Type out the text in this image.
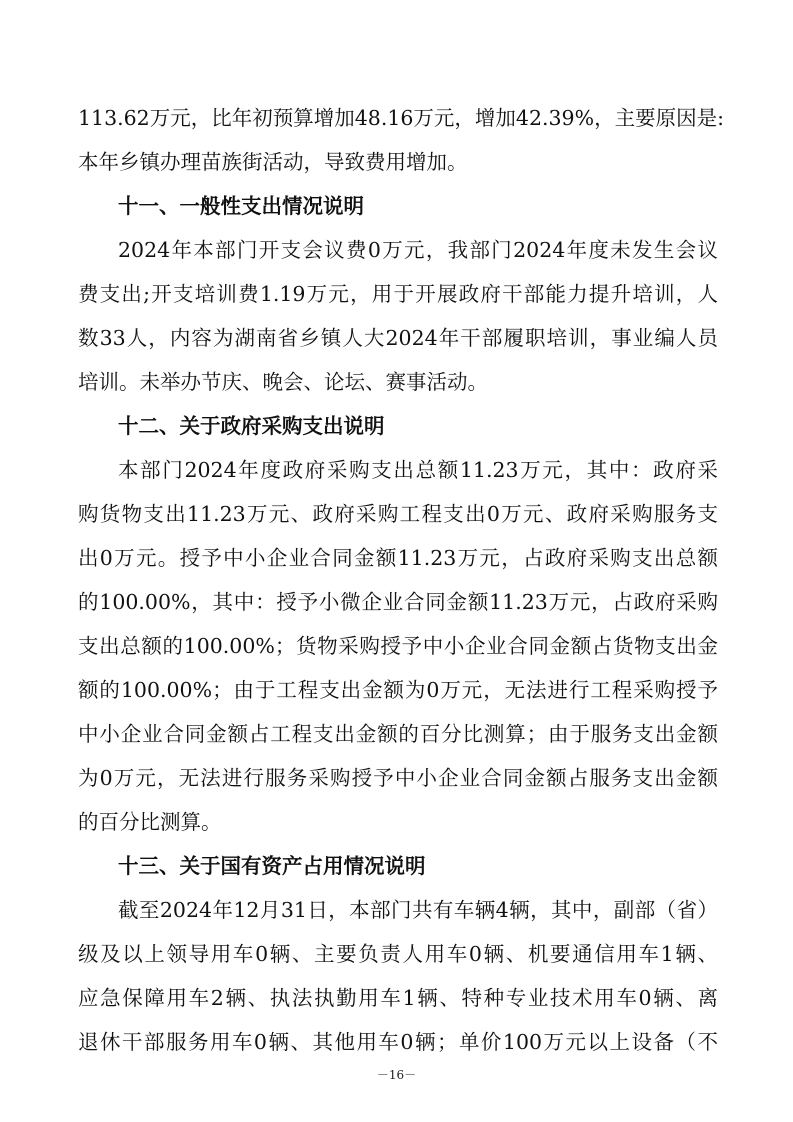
113.62万元，比年初预算增加48.16万元，增加42.39%，主要原因是:
本年乡镇办理苗族街活动，导致费用增加。
十一、一般性支出情况说明
2024年本部门开支会议费0万元，我部门2024年度未发生会议
费支出;开支培训费1.19万元，用于开展政府干部能力提升培训，人
数33人，内容为湖南省乡镇人大2024年干部履职培训，事业编人员
培训。未举办节庆、晚会、论坛、赛事活动。
十二、关于政府采购支出说明
本部门2024年度政府采购支出总额11.23万元，其中：政府采
购货物支出11.23万元、政府采购工程支出0万元、政府采购服务支
出0万元。授予中小企业合同金额11.23万元，占政府采购支出总额
的100.00%，其中：授予小微企业合同金额11.23万元，占政府采购
支出总额的100.00%；货物采购授予中小企业合同金额占货物支出金
额的100.00%；由于工程支出金额为0万元，无法进行工程采购授予
中小企业合同金额占工程支出金额的百分比测算；由于服务支出金额
为0万元，无法进行服务采购授予中小企业合同金额占服务支出金额
的百分比测算。
十三、关于国有资产占用情况说明
截至2024年12月31日，本部门共有车辆4辆，其中，副部（省）
级及以上领导用车0辆、主要负责人用车0辆、机要通信用车1辆、
应急保障用车2辆、执法执勤用车1辆、特种专业技术用车0辆、离
退休干部服务用车0辆、其他用车0辆；单价100万元以上设备（不
－16－
